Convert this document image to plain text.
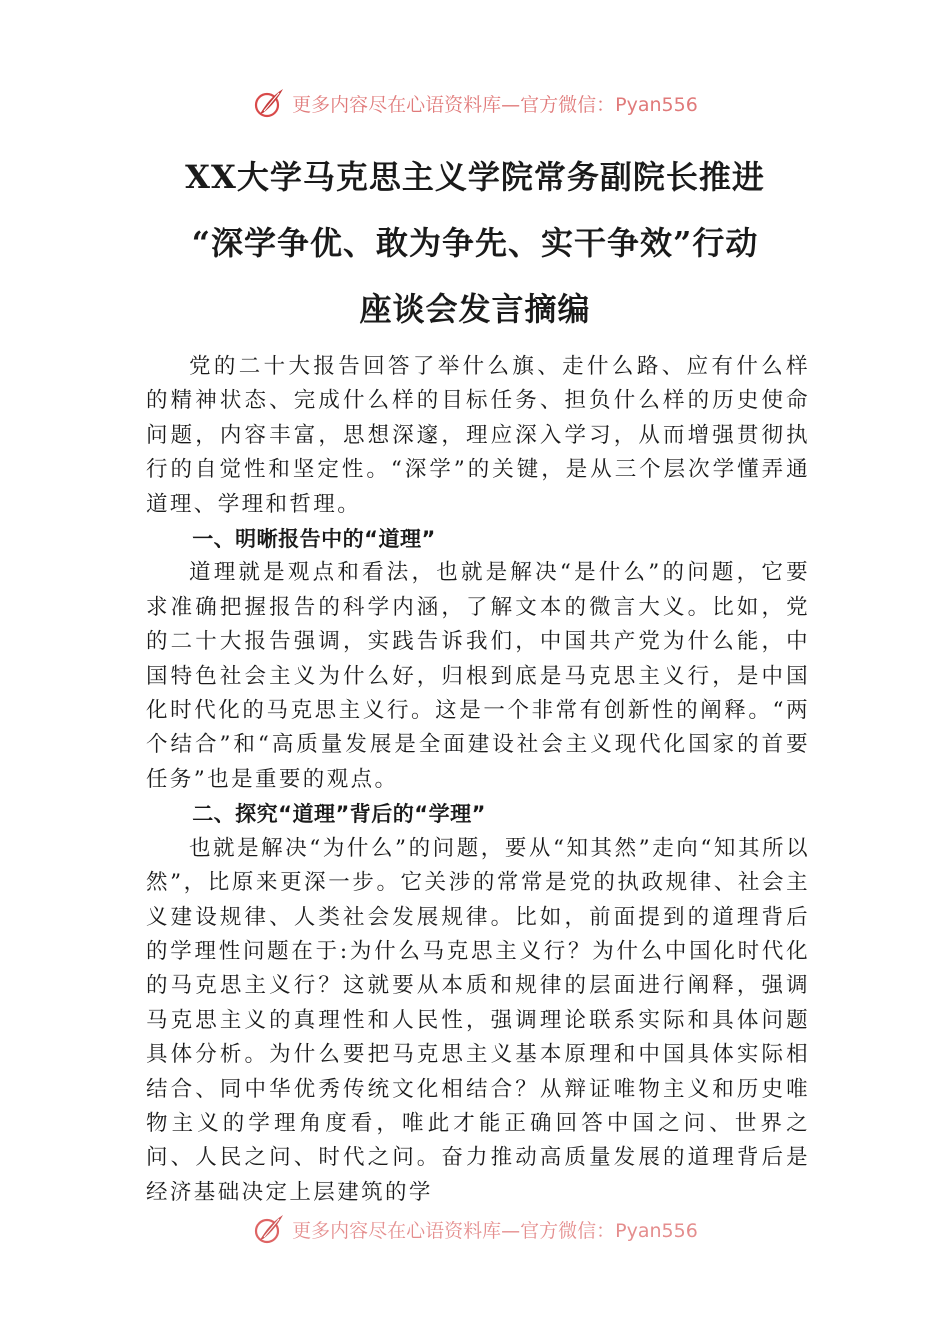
更多内容尽在心语资料库—官方微信：Pyan556
XX大学马克思主义学院常务副院长推进
“深学争优、敢为争先、实干争效”行动
座谈会发言摘编

党的二十大报告回答了举什么旗、走什么路、应有什么样的精神状态、完成什么样的目标任务、担负什么样的历史使命问题，内容丰富，思想深邃，理应深入学习，从而增强贯彻执行的自觉性和坚定性。“深学”的关键，是从三个层次学懂弄通道理、学理和哲理。

一、明晰报告中的“道理”

道理就是观点和看法，也就是解决“是什么”的问题，它要求准确把握报告的科学内涵，了解文本的微言大义。比如，党的二十大报告强调，实践告诉我们，中国共产党为什么能，中国特色社会主义为什么好，归根到底是马克思主义行，是中国化时代化的马克思主义行。这是一个非常有创新性的阐释。“两个结合”和“高质量发展是全面建设社会主义现代化国家的首要任务”也是重要的观点。

二、探究“道理”背后的“学理”

也就是解决“为什么”的问题，要从“知其然”走向“知其所以然”，比原来更深一步。它关涉的常常是党的执政规律、社会主义建设规律、人类社会发展规律。比如，前面提到的道理背后的学理性问题在于:为什么马克思主义行？为什么中国化时代化的马克思主义行？这就要从本质和规律的层面进行阐释，强调马克思主义的真理性和人民性，强调理论联系实际和具体问题具体分析。为什么要把马克思主义基本原理和中国具体实际相结合、同中华优秀传统文化相结合？从辩证唯物主义和历史唯物主义的学理角度看，唯此才能正确回答中国之问、世界之问、人民之问、时代之问。奋力推动高质量发展的道理背后是经济基础决定上层建筑的学

更多内容尽在心语资料库—官方微信：Pyan556
